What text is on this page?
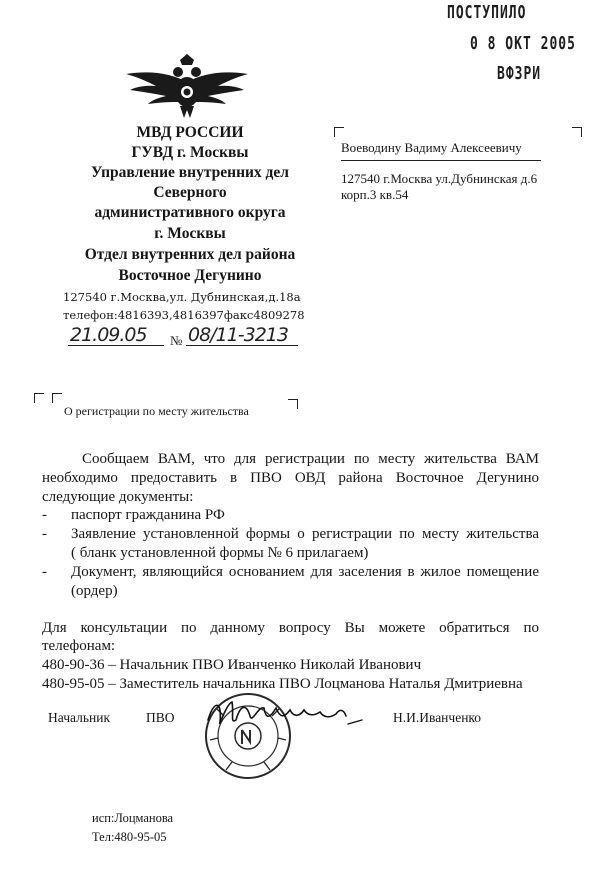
ПОСТУПИЛО
0 8 ОКТ 2005
ВФЗРИ
МВД РОССИИ
ГУВД г. Москвы
Управление внутренних дел
Северного
административного округа
г. Москвы
Отдел внутренних дел района
Восточное Дегунино
127540 г.Москва,ул. Дубнинская,д.18а
телефон:4816393,4816397факс4809278
21.09.05 № 08/11-3213
Воеводину Вадиму Алексеевичу
127540 г.Москва ул.Дубнинская д.6
корп.3 кв.54
О регистрации по месту жительства
Сообщаем ВАМ, что для регистрации по месту жительства ВАМ
необходимо предоставить в ПВО ОВД района Восточное Дегунино
следующие документы:
- паспорт гражданина РФ
- Заявление установленной формы о регистрации по месту жительства
( бланк установленной формы № 6 прилагаем)
- Документ, являющийся основанием для заселения в жилое помещение
(ордер)
Для консультации по данному вопросу Вы можете обратиться по
телефонам:
480-90-36 – Начальник ПВО Иванченко Николай Иванович
480-95-05 – Заместитель начальника ПВО Лоцманова Наталья Дмитриевна
Начальник	ПВО	Н.И.Иванченко
исп:Лоцманова
Тел:480-95-05
